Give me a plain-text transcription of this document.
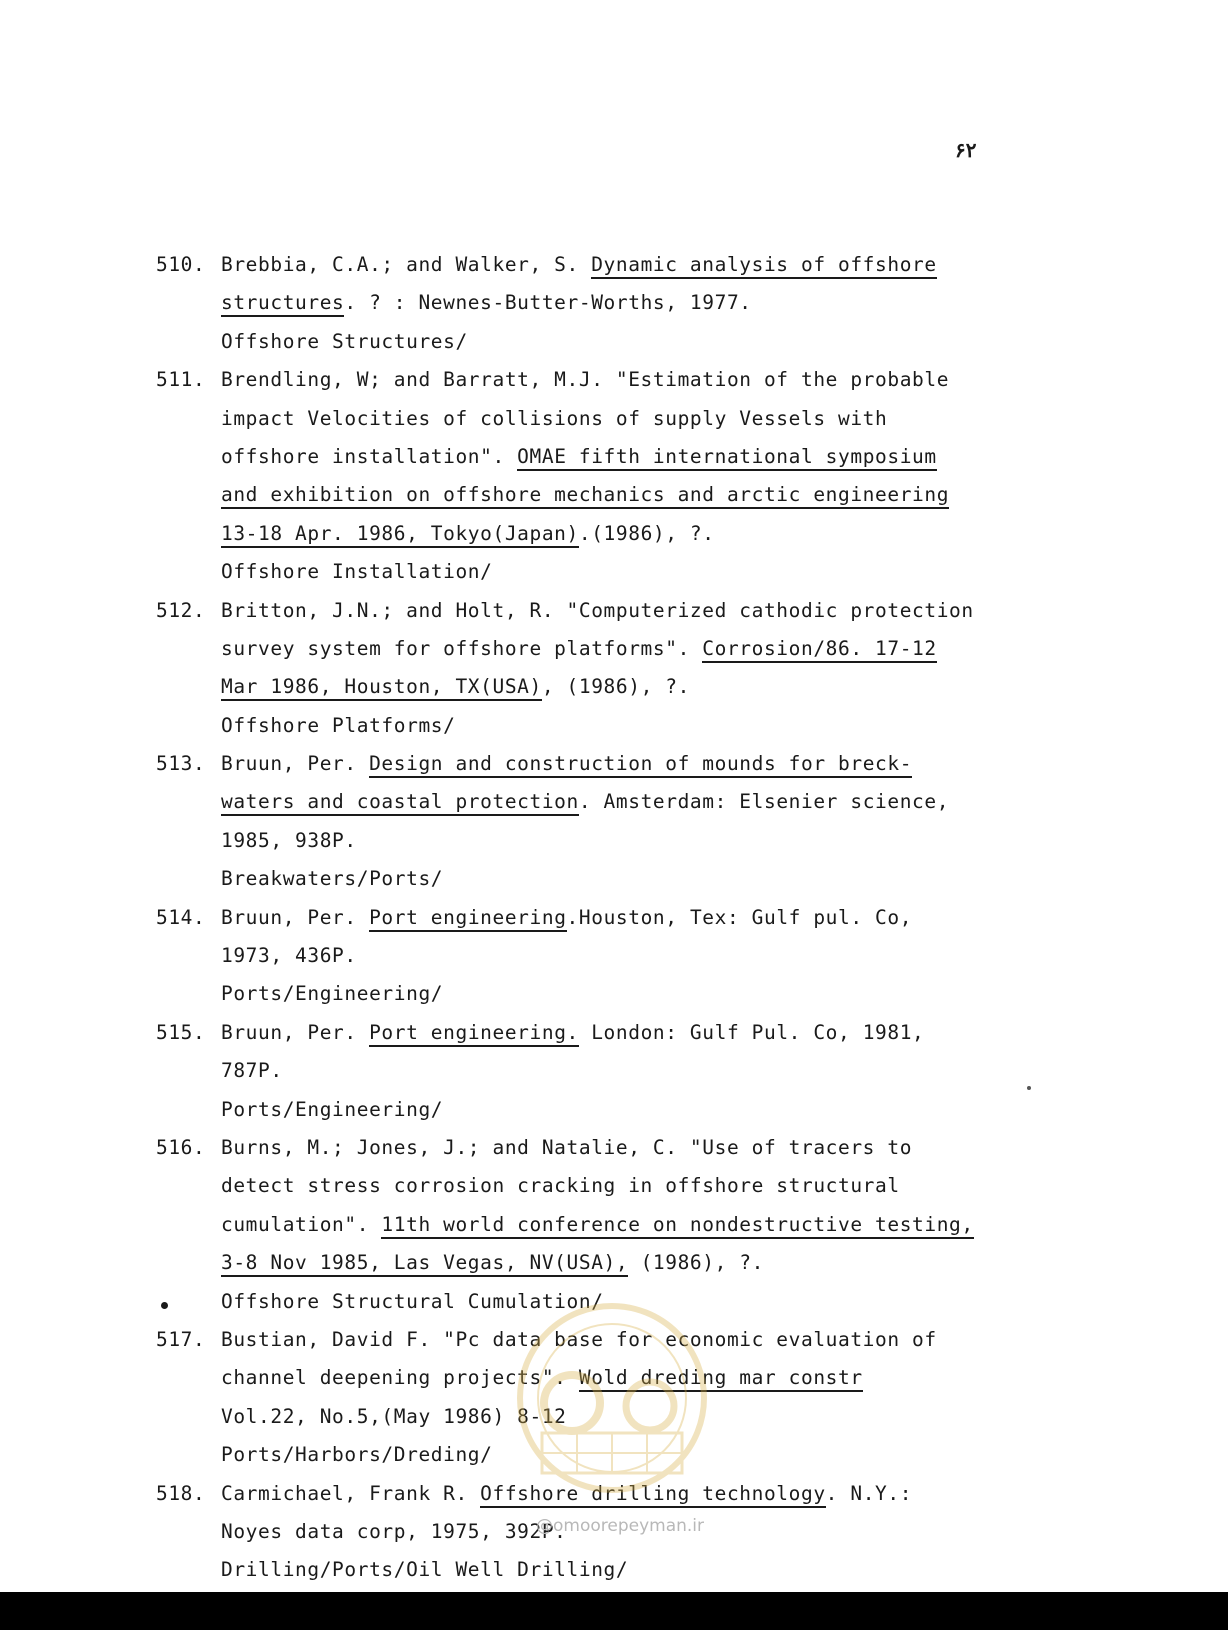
۶۲
510. Brebbia, C.A.; and Walker, S. Dynamic analysis of offshore
structures. ? : Newnes-Butter-Worths, 1977.
Offshore Structures/
511. Brendling, W; and Barratt, M.J. "Estimation of the probable
impact Velocities of collisions of supply Vessels with
offshore installation". OMAE fifth international symposium
and exhibition on offshore mechanics and arctic engineering
13-18 Apr. 1986, Tokyo(Japan).(1986), ?.
Offshore Installation/
512. Britton, J.N.; and Holt, R. "Computerized cathodic protection
survey system for offshore platforms". Corrosion/86. 17-12
Mar 1986, Houston, TX(USA), (1986), ?.
Offshore Platforms/
513. Bruun, Per. Design and construction of mounds for breck-
waters and coastal protection. Amsterdam: Elsenier science,
1985, 938P.
Breakwaters/Ports/
514. Bruun, Per. Port engineering.Houston, Tex: Gulf pul. Co,
1973, 436P.
Ports/Engineering/
515. Bruun, Per. Port engineering. London: Gulf Pul. Co, 1981,
787P.
Ports/Engineering/
516. Burns, M.; Jones, J.; and Natalie, C. "Use of tracers to
detect stress corrosion cracking in offshore structural
cumulation". 11th world conference on nondestructive testing,
3-8 Nov 1985, Las Vegas, NV(USA), (1986), ?.
Offshore Structural Cumulation/
517. Bustian, David F. "Pc data base for economic evaluation of
channel deepening projects". Wold dreding mar constr
Vol.22, No.5,(May 1986) 8-12
Ports/Harbors/Dreding/
518. Carmichael, Frank R. Offshore drilling technology. N.Y.:
Noyes data corp, 1975, 392P.
Drilling/Ports/Oil Well Drilling/
@omoorepeyman.ir
